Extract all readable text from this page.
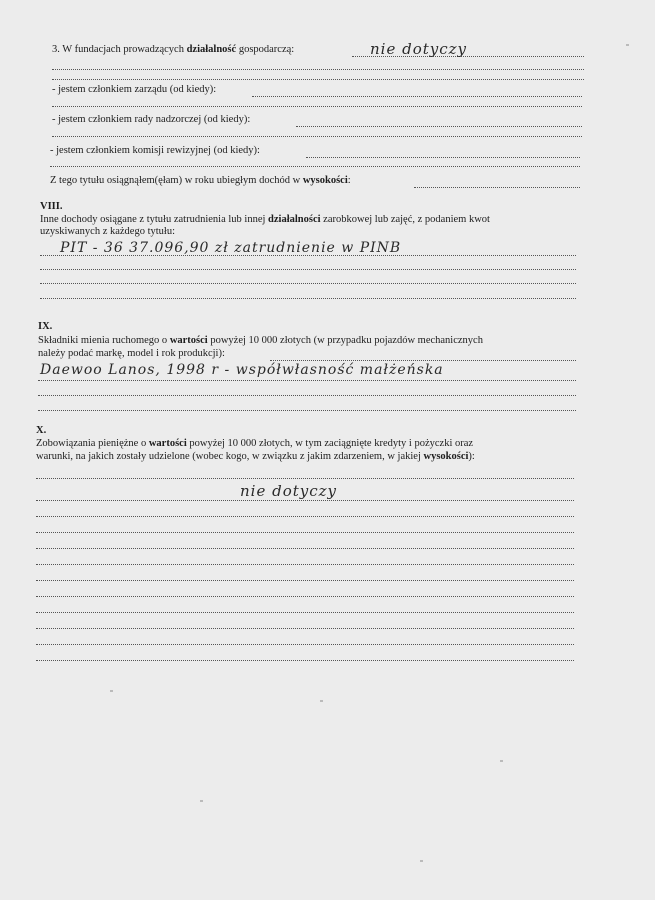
3. W fundacjach prowadzących działalność gospodarczą:	nie dotyczy
- jestem członkiem zarządu (od kiedy):
- jestem członkiem rady nadzorczej (od kiedy):
- jestem członkiem komisji rewizyjnej (od kiedy):
Z tego tytułu osiągnąłem(ęłam) w roku ubiegłym dochód w wysokości:
VIII.
Inne dochody osiągane z tytułu zatrudnienia lub innej działalności zarobkowej lub zajęć, z podaniem kwot
uzyskiwanych z każdego tytułu:
PIT - 36 37.096,90 zł zatrudnienie w PINB
IX.
Składniki mienia ruchomego o wartości powyżej 10 000 złotych (w przypadku pojazdów mechanicznych
należy podać markę, model i rok produkcji):
Daewoo Lanos, 1998 r - współwłasność małżeńska
X.
Zobowiązania pieniężne o wartości powyżej 10 000 złotych, w tym zaciągnięte kredyty i pożyczki oraz
warunki, na jakich zostały udzielone (wobec kogo, w związku z jakim zdarzeniem, w jakiej wysokości):
nie dotyczy
